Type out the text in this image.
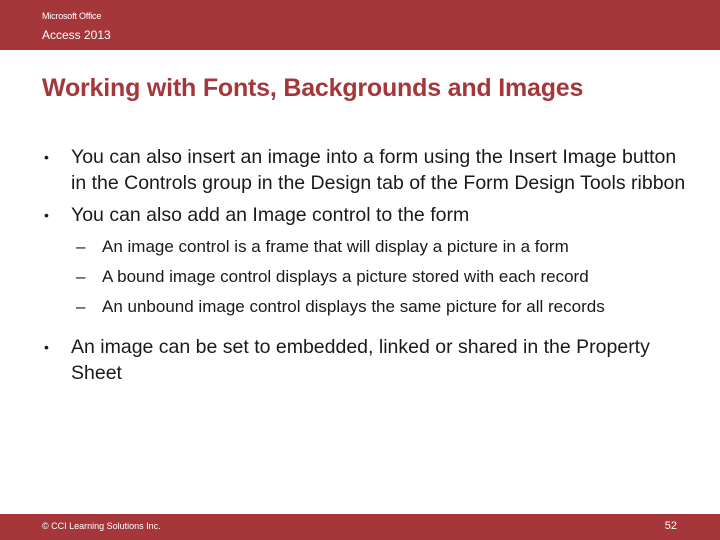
Microsoft Office
Access 2013
Working with Fonts, Backgrounds and Images
• You can also insert an image into a form using the Insert Image button in the Controls group in the Design tab of the Form Design Tools ribbon
• You can also add an Image control to the form
– An image control is a frame that will display a picture in a form
– A bound image control displays a picture stored with each record
– An unbound image control displays the same picture for all records
• An image can be set to embedded, linked or shared in the Property Sheet
© CCI Learning Solutions Inc.	52
